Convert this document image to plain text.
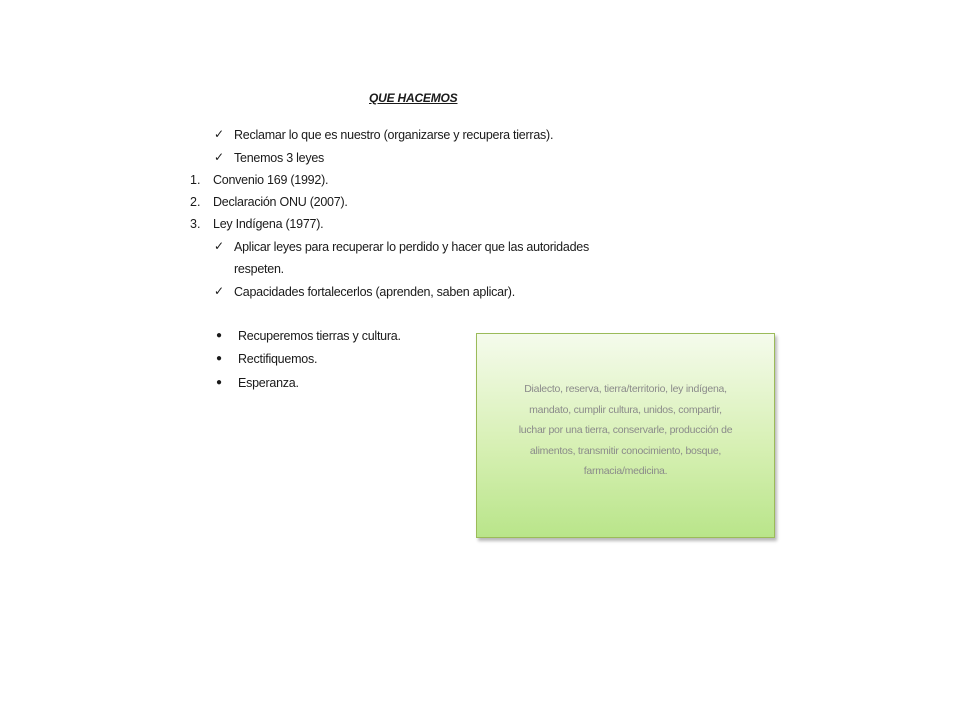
QUE HACEMOS
✓ Reclamar lo que es nuestro (organizarse y recupera tierras).
✓ Tenemos 3 leyes
1. Convenio 169 (1992).
2. Declaración ONU (2007).
3. Ley Indígena (1977).
✓ Aplicar leyes para recuperar lo perdido y hacer que las autoridades
respeten.
✓ Capacidades fortalecerlos (aprenden, saben aplicar).
● Recuperemos tierras y cultura.
● Rectifiquemos.
● Esperanza.	Dialecto, reserva, tierra/territorio, ley indígena,
mandato, cumplir cultura, unidos, compartir,
luchar por una tierra, conservarle, producción de
alimentos, transmitir conocimiento, bosque,
farmacia/medicina.
